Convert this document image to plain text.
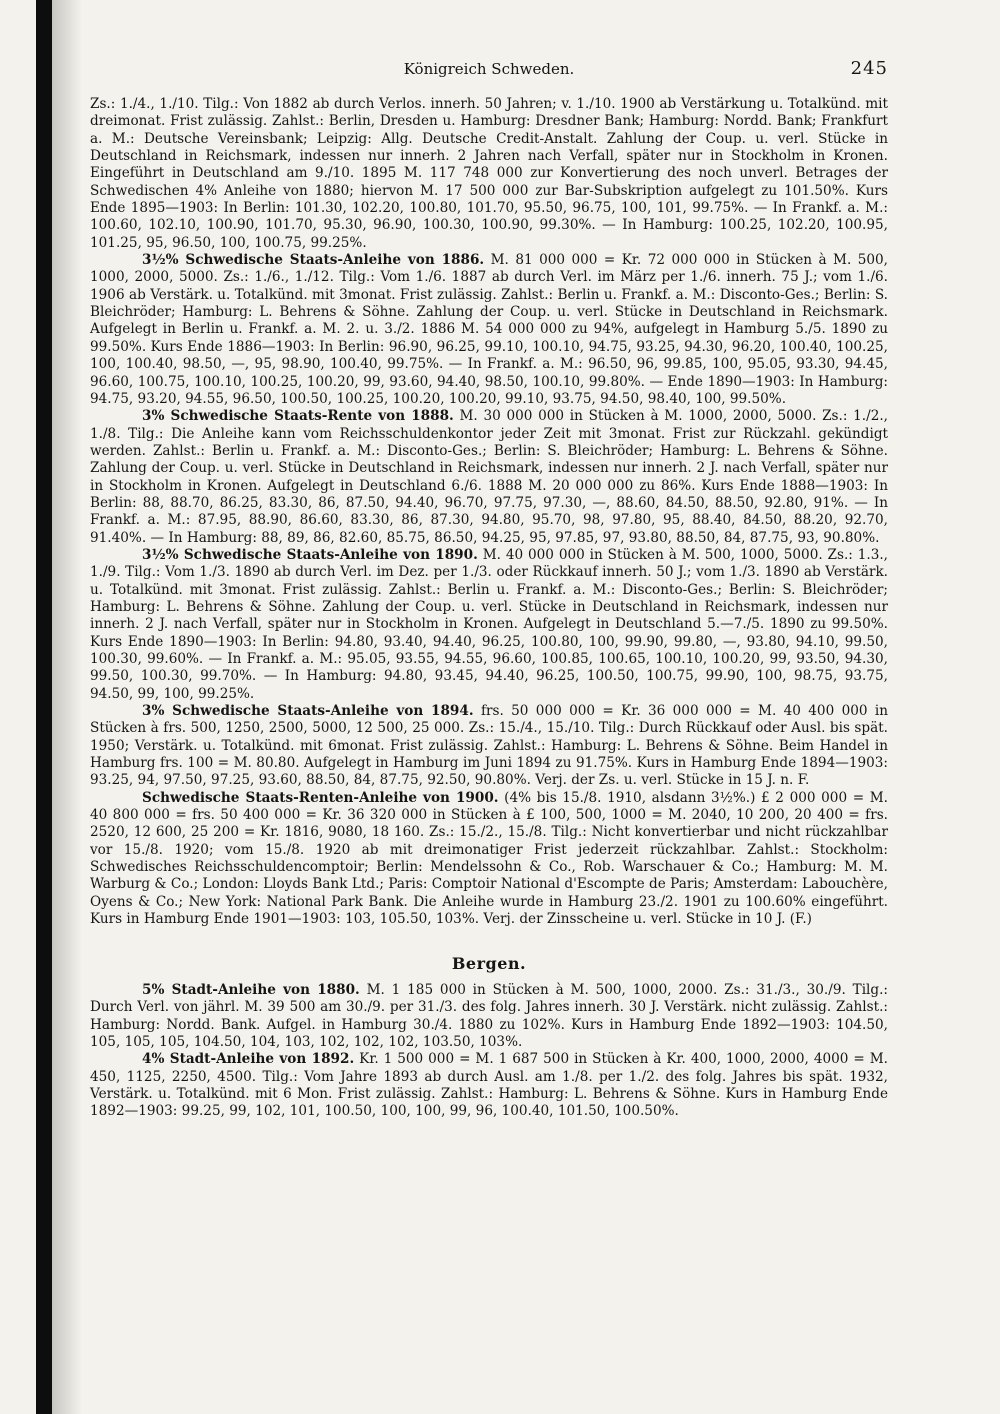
Königreich Schweden.	245

Zs.: 1./4., 1./10. Tilg.: Von 1882 ab durch Verlos. innerh. 50 Jahren; v. 1./10. 1900 ab Verstärkung u. Totalkünd. mit dreimonat. Frist zulässig. Zahlst.: Berlin, Dresden u. Hamburg: Dresdner Bank; Hamburg: Nordd. Bank; Frankfurt a. M.: Deutsche Vereinsbank; Leipzig: Allg. Deutsche Credit-Anstalt. Zahlung der Coup. u. verl. Stücke in Deutschland in Reichsmark, indessen nur innerh. 2 Jahren nach Verfall, später nur in Stockholm in Kronen. Eingeführt in Deutschland am 9./10. 1895 M. 117 748 000 zur Konvertierung des noch unverl. Betrages der Schwedischen 4% Anleihe von 1880; hiervon M. 17 500 000 zur Bar-Subskription aufgelegt zu 101.50%. Kurs Ende 1895—1903: In Berlin: 101.30, 102.20, 100.80, 101.70, 95.50, 96.75, 100, 101, 99.75%. — In Frankf. a. M.: 100.60, 102.10, 100.90, 101.70, 95.30, 96.90, 100.30, 100.90, 99.30%. — In Hamburg: 100.25, 102.20, 100.95, 101.25, 95, 96.50, 100, 100.75, 99.25%.

3½% Schwedische Staats-Anleihe von 1886. M. 81 000 000 = Kr. 72 000 000 in Stücken à M. 500, 1000, 2000, 5000. Zs.: 1./6., 1./12. Tilg.: Vom 1./6. 1887 ab durch Verl. im März per 1./6. innerh. 75 J.; vom 1./6. 1906 ab Verstärk. u. Totalkünd. mit 3monat. Frist zulässig. Zahlst.: Berlin u. Frankf. a. M.: Disconto-Ges.; Berlin: S. Bleichröder; Hamburg: L. Behrens & Söhne. Zahlung der Coup. u. verl. Stücke in Deutschland in Reichsmark. Aufgelegt in Berlin u. Frankf. a. M. 2. u. 3./2. 1886 M. 54 000 000 zu 94%, aufgelegt in Hamburg 5./5. 1890 zu 99.50%. Kurs Ende 1886—1903: In Berlin: 96.90, 96.25, 99.10, 100.10, 94.75, 93.25, 94.30, 96.20, 100.40, 100.25, 100, 100.40, 98.50, —, 95, 98.90, 100.40, 99.75%. — In Frankf. a. M.: 96.50, 96, 99.85, 100, 95.05, 93.30, 94.45, 96.60, 100.75, 100.10, 100.25, 100.20, 99, 93.60, 94.40, 98.50, 100.10, 99.80%. — Ende 1890—1903: In Hamburg: 94.75, 93.20, 94.55, 96.50, 100.50, 100.25, 100.20, 100.20, 99.10, 93.75, 94.50, 98.40, 100, 99.50%.

3% Schwedische Staats-Rente von 1888. M. 30 000 000 in Stücken à M. 1000, 2000, 5000. Zs.: 1./2., 1./8. Tilg.: Die Anleihe kann vom Reichsschuldenkontor jeder Zeit mit 3monat. Frist zur Rückzahl. gekündigt werden. Zahlst.: Berlin u. Frankf. a. M.: Disconto-Ges.; Berlin: S. Bleichröder; Hamburg: L. Behrens & Söhne. Zahlung der Coup. u. verl. Stücke in Deutschland in Reichsmark, indessen nur innerh. 2 J. nach Verfall, später nur in Stockholm in Kronen. Aufgelegt in Deutschland 6./6. 1888 M. 20 000 000 zu 86%. Kurs Ende 1888—1903: In Berlin: 88, 88.70, 86.25, 83.30, 86, 87.50, 94.40, 96.70, 97.75, 97.30, —, 88.60, 84.50, 88.50, 92.80, 91%. — In Frankf. a. M.: 87.95, 88.90, 86.60, 83.30, 86, 87.30, 94.80, 95.70, 98, 97.80, 95, 88.40, 84.50, 88.20, 92.70, 91.40%. — In Hamburg: 88, 89, 86, 82.60, 85.75, 86.50, 94.25, 95, 97.85, 97, 93.80, 88.50, 84, 87.75, 93, 90.80%.

3½% Schwedische Staats-Anleihe von 1890. M. 40 000 000 in Stücken à M. 500, 1000, 5000. Zs.: 1.3., 1./9. Tilg.: Vom 1./3. 1890 ab durch Verl. im Dez. per 1./3. oder Rückkauf innerh. 50 J.; vom 1./3. 1890 ab Verstärk. u. Totalkünd. mit 3monat. Frist zulässig. Zahlst.: Berlin u. Frankf. a. M.: Disconto-Ges.; Berlin: S. Bleichröder; Hamburg: L. Behrens & Söhne. Zahlung der Coup. u. verl. Stücke in Deutschland in Reichsmark, indessen nur innerh. 2 J. nach Verfall, später nur in Stockholm in Kronen. Aufgelegt in Deutschland 5.—7./5. 1890 zu 99.50%. Kurs Ende 1890—1903: In Berlin: 94.80, 93.40, 94.40, 96.25, 100.80, 100, 99.90, 99.80, —, 93.80, 94.10, 99.50, 100.30, 99.60%. — In Frankf. a. M.: 95.05, 93.55, 94.55, 96.60, 100.85, 100.65, 100.10, 100.20, 99, 93.50, 94.30, 99.50, 100.30, 99.70%. — In Hamburg: 94.80, 93.45, 94.40, 96.25, 100.50, 100.75, 99.90, 100, 98.75, 93.75, 94.50, 99, 100, 99.25%.

3% Schwedische Staats-Anleihe von 1894. frs. 50 000 000 = Kr. 36 000 000 = M. 40 400 000 in Stücken à frs. 500, 1250, 2500, 5000, 12 500, 25 000. Zs.: 15./4., 15./10. Tilg.: Durch Rückkauf oder Ausl. bis spät. 1950; Verstärk. u. Totalkünd. mit 6monat. Frist zulässig. Zahlst.: Hamburg: L. Behrens & Söhne. Beim Handel in Hamburg frs. 100 = M. 80.80. Aufgelegt in Hamburg im Juni 1894 zu 91.75%. Kurs in Hamburg Ende 1894—1903: 93.25, 94, 97.50, 97.25, 93.60, 88.50, 84, 87.75, 92.50, 90.80%. Verj. der Zs. u. verl. Stücke in 15 J. n. F.

Schwedische Staats-Renten-Anleihe von 1900. (4% bis 15./8. 1910, alsdann 3½%.) £ 2 000 000 = M. 40 800 000 = frs. 50 400 000 = Kr. 36 320 000 in Stücken à £ 100, 500, 1000 = M. 2040, 10 200, 20 400 = frs. 2520, 12 600, 25 200 = Kr. 1816, 9080, 18 160. Zs.: 15./2., 15./8. Tilg.: Nicht konvertierbar und nicht rückzahlbar vor 15./8. 1920; vom 15./8. 1920 ab mit dreimonatiger Frist jederzeit rückzahlbar. Zahlst.: Stockholm: Schwedisches Reichsschuldencomptoir; Berlin: Mendelssohn & Co., Rob. Warschauer & Co.; Hamburg: M. M. Warburg & Co.; London: Lloyds Bank Ltd.; Paris: Comptoir National d'Escompte de Paris; Amsterdam: Labouchère, Oyens & Co.; New York: National Park Bank. Die Anleihe wurde in Hamburg 23./2. 1901 zu 100.60% eingeführt. Kurs in Hamburg Ende 1901—1903: 103, 105.50, 103%. Verj. der Zinsscheine u. verl. Stücke in 10 J. (F.)

Bergen.

5% Stadt-Anleihe von 1880. M. 1 185 000 in Stücken à M. 500, 1000, 2000. Zs.: 31./3., 30./9. Tilg.: Durch Verl. von jährl. M. 39 500 am 30./9. per 31./3. des folg. Jahres innerh. 30 J. Verstärk. nicht zulässig. Zahlst.: Hamburg: Nordd. Bank. Aufgel. in Hamburg 30./4. 1880 zu 102%. Kurs in Hamburg Ende 1892—1903: 104.50, 105, 105, 105, 104.50, 104, 103, 102, 102, 102, 103.50, 103%.

4% Stadt-Anleihe von 1892. Kr. 1 500 000 = M. 1 687 500 in Stücken à Kr. 400, 1000, 2000, 4000 = M. 450, 1125, 2250, 4500. Tilg.: Vom Jahre 1893 ab durch Ausl. am 1./8. per 1./2. des folg. Jahres bis spät. 1932, Verstärk. u. Totalkünd. mit 6 Mon. Frist zulässig. Zahlst.: Hamburg: L. Behrens & Söhne. Kurs in Hamburg Ende 1892—1903: 99.25, 99, 102, 101, 100.50, 100, 100, 99, 96, 100.40, 101.50, 100.50%.
